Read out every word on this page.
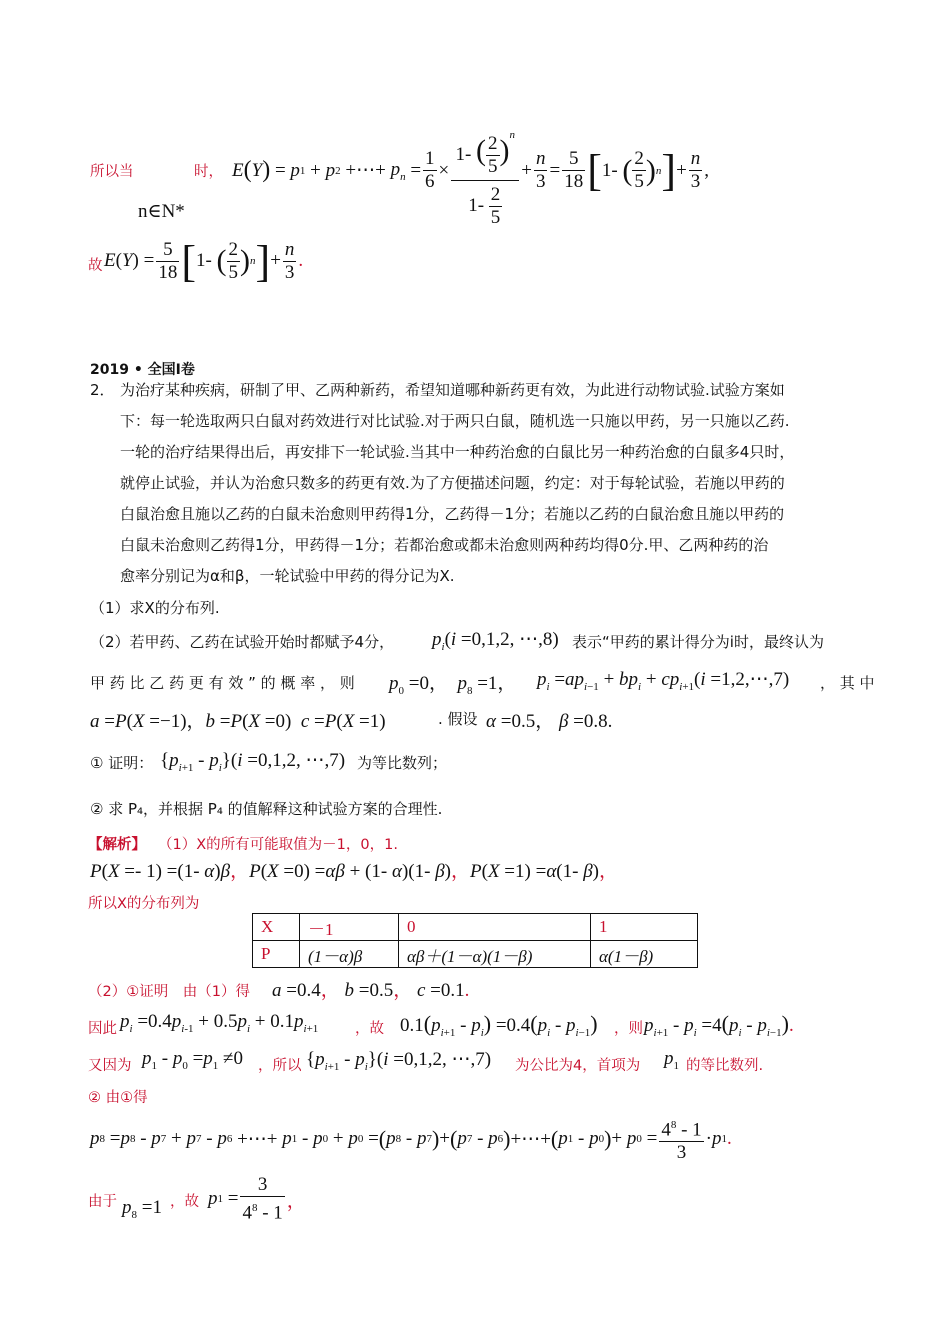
所以当	时， E ( Y ) = p 1 + p 2 +⋯+ $p_n = \frac{1}{6} \times \frac{1- ( \frac{2}{5} )^n}{1- \frac{2}{5}} + \frac{n}{3} = \frac{5}{18}$ [ 1- ( $\frac{2}{5}$ ) n ] + $\frac{n}{3}$ ,
n∈N*
故 E ( Y ) = $\frac{5}{18}$ [ 1- ( $\frac{2}{5}$ ) n ] + $\frac{n}{3}$ .
2019 • 全国Ⅰ卷
2． 为治疗某种疾病，研制了甲、乙两种新药，希望知道哪种新药更有效，为此进行动物试验.试验方案如
下：每一轮选取两只白鼠对药效进行对比试验.对于两只白鼠，随机选一只施以甲药，另一只施以乙药.
一轮的治疗结果得出后，再安排下一轮试验.当其中一种药治愈的白鼠比另一种药治愈的白鼠多4只时，
就停止试验，并认为治愈只数多的药更有效.为了方便描述问题，约定：对于每轮试验，若施以甲药的
白鼠治愈且施以乙药的白鼠未治愈则甲药得1分，乙药得－1分；若施以乙药的白鼠治愈且施以甲药的
白鼠未治愈则乙药得1分，甲药得－1分；若都治愈或都未治愈则两种药均得0分.甲、乙两种药的治
愈率分别记为α和β，一轮试验中甲药的得分记为X.
（1）求X的分布列.
（2）若甲药、乙药在试验开始时都赋予4分， $p_i(i =0,1,2$, ⋯,8) 表示“甲药的累计得分为i时，最终认为
甲 药 比 乙 药 更 有 效 ” 的 概 率 ， 则 $p_0 =0$，  $p_8 =1$， $p_i =ap_{i-1} + bp_i + cp_{i+1}(i$ =1,2,⋯,7) ， 其 中
a =P(X =−1)，b =P(X =0)  c =P(X =1)	. 假设 α =0.5， β =0.8.
① 证明： $\{p_{i+1} - p_i\}(i =0,1,2$, ⋯,7) 为等比数列；
② 求 P₄，并根据 P₄ 的值解释这种试验方案的合理性.
【解析】 （1）X的所有可能取值为－1，0，1.
P(X =- 1) =(1- α)β，P(X =0) =αβ + (1- α)(1- β)，P(X =1) =α(1- β)，
所以X的分布列为
X	－1	0	1
P	(1－α)β	αβ＋(1－α)(1－β)	α(1－β)
（2）①证明　由（1）得 a =0.4， b =0.5， c =0.1.
因此 $p_i =0.4p_{i-1} + 0.5p_i + 0.1p_{i+1}$	，故 $0.1(p_{i+1} - p_i) =0.4(p_i - p_{i-1})$ ，则 $p_{i+1} - p_i =4(p_i - p_{i-1})$.
又因为 $p_1 - p_0 =p_1 \ne 0$ ，所以 $\{p_{i+1} - p_i\}(i =0,1,2$, ⋯,7) 为公比为4，首项为 $p_1$ 的等比数列.
② 由①得
p 8 = p 8 - p 7 + p 7 - p 6 +⋯+ p 1 - p 0 + p 0 = ( p 8 - p 7 ) + ( p 7 - p 6 ) +⋯+ ( p 1 - p 0 ) + p $0 = \frac{4^8 - 1}{3} \cdot p$ 1 .
由于 $p_8 =1$ ，故 p $1 = \frac{3}{4^8 - 1}$ ，
